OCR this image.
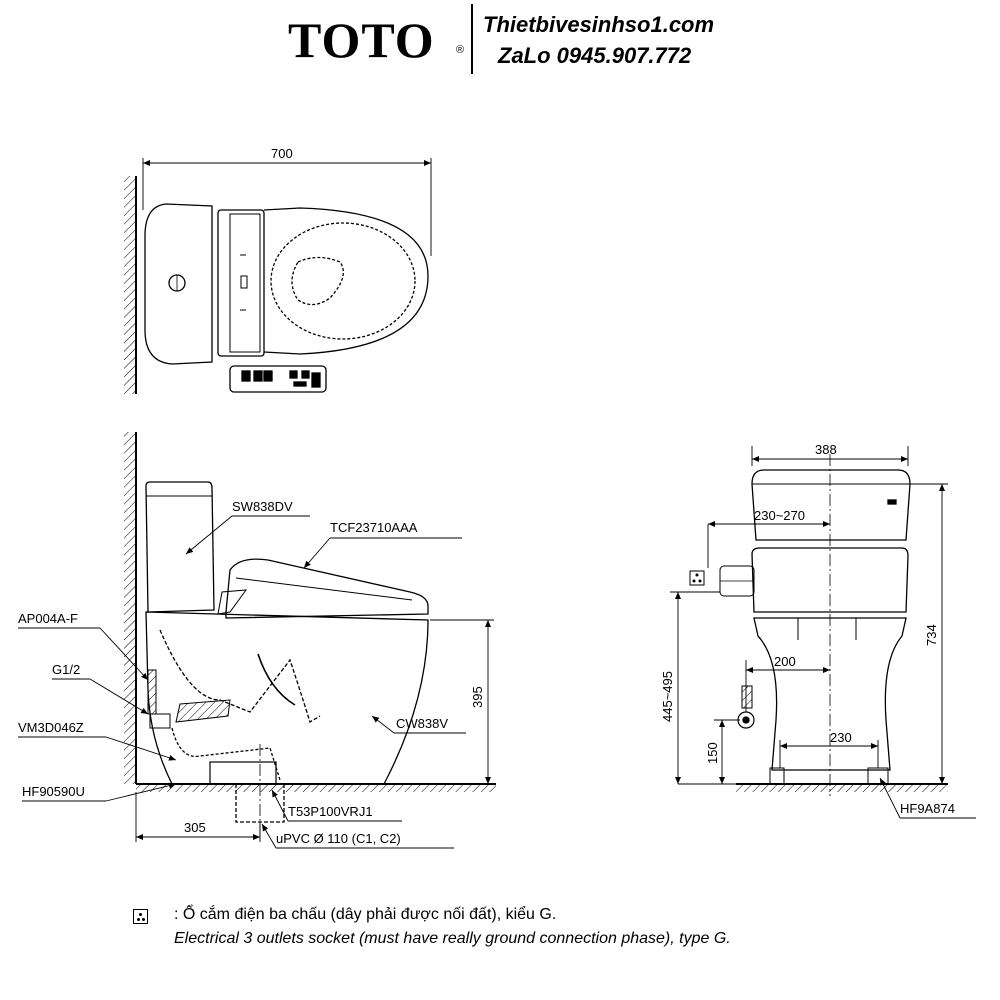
TOTO ®
Thietbivesinhso1.com
ZaLo 0945.907.772
700
395
305
SW838DV
TCF23710AAA
AP004A-F
G1/2
VM3D046Z	CW838V
HF90590U
T53P100VRJ1
uPVC Ø 110 (C1, C2)
388
230~270
734
445~495
150
200
230
HF9A874
: Ổ cắm điện ba chấu (dây phải được nối đất), kiểu G.
Electrical 3 outlets socket (must have really ground connection phase), type G.
